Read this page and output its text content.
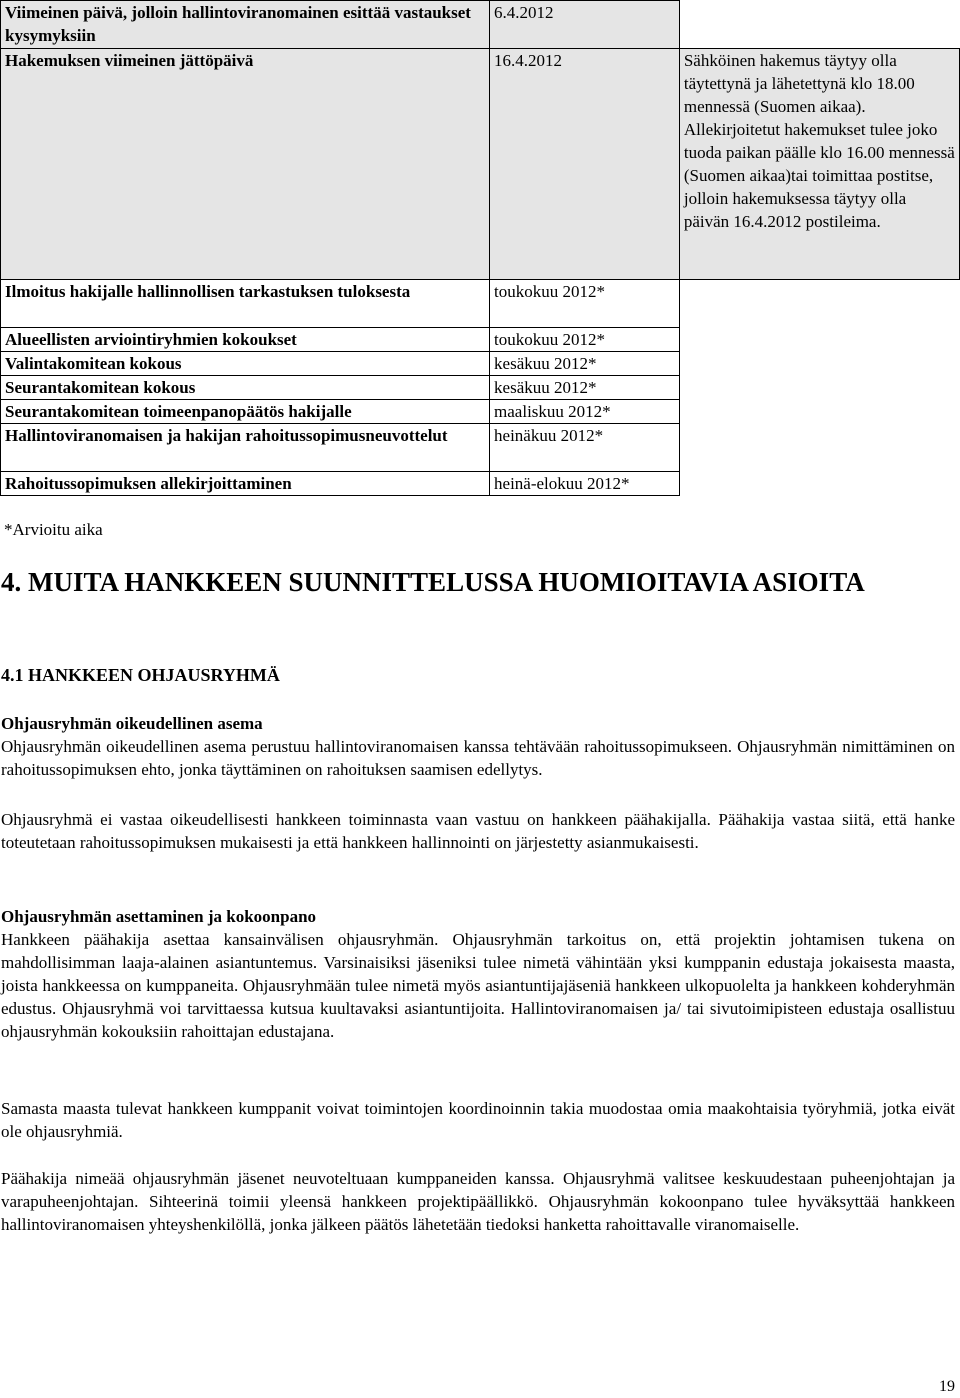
Viimeinen päivä, jolloin hallintoviranomainen esittää vastaukset kysymyksiin	6.4.2012	
Hakemuksen viimeinen jättöpäivä	16.4.2012	Sähköinen hakemus täytyy olla täytettynä ja lähetettynä klo 18.00 mennessä (Suomen aikaa). Allekirjoitetut hakemukset tulee joko tuoda paikan päälle klo 16.00 mennessä (Suomen aikaa)tai toimittaa postitse, jolloin hakemuksessa täytyy olla päivän 16.4.2012 postileima.
Ilmoitus hakijalle hallinnollisen tarkastuksen tuloksesta	toukokuu 2012*	
Alueellisten arviointiryhmien kokoukset	toukokuu 2012*	
Valintakomitean kokous	kesäkuu 2012*	
Seurantakomitean kokous	kesäkuu 2012*	
Seurantakomitean toimeenpanopäätös hakijalle	maaliskuu 2012*	
Hallintoviranomaisen ja hakijan rahoitussopimusneuvottelut	heinäkuu 2012*	
Rahoitussopimuksen allekirjoittaminen	heinä-elokuu 2012*	
*Arvioitu aika
4. MUITA HANKKEEN SUUNNITTELUSSA HUOMIOITAVIA ASIOITA
4.1 HANKKEEN OHJAUSRYHMÄ
Ohjausryhmän oikeudellinen asema
Ohjausryhmän oikeudellinen asema perustuu hallintoviranomaisen kanssa tehtävään rahoitussopimukseen. Ohjausryhmän nimittäminen on rahoitussopimuksen ehto, jonka täyttäminen on rahoituksen saamisen edellytys.
Ohjausryhmä ei vastaa oikeudellisesti hankkeen toiminnasta vaan vastuu on hankkeen päähakijalla. Päähakija vastaa siitä, että hanke toteutetaan rahoitussopimuksen mukaisesti ja että hankkeen hallinnointi on järjestetty asianmukaisesti.
Ohjausryhmän asettaminen ja kokoonpano
Hankkeen päähakija asettaa kansainvälisen ohjausryhmän. Ohjausryhmän tarkoitus on, että projektin johtamisen tukena on mahdollisimman laaja-alainen asiantuntemus. Varsinaisiksi jäseniksi tulee nimetä vähintään yksi kumppanin edustaja jokaisesta maasta, joista hankkeessa on kumppaneita. Ohjausryhmään tulee nimetä myös asiantuntijajäseniä hankkeen ulkopuolelta ja hankkeen kohderyhmän edustus. Ohjausryhmä voi tarvittaessa kutsua kuultavaksi asiantuntijoita. Hallintoviranomaisen ja/ tai sivutoimipisteen edustaja osallistuu ohjausryhmän kokouksiin rahoittajan edustajana.
Samasta maasta tulevat hankkeen kumppanit voivat toimintojen koordinoinnin takia muodostaa omia maakohtaisia työryhmiä, jotka eivät ole ohjausryhmiä.
Päähakija nimeää ohjausryhmän jäsenet neuvoteltuaan kumppaneiden kanssa. Ohjausryhmä valitsee keskuudestaan puheenjohtajan ja varapuheenjohtajan. Sihteerinä toimii yleensä hankkeen projektipäällikkö. Ohjausryhmän kokoonpano tulee hyväksyttää hankkeen hallintoviranomaisen yhteyshenkilöllä, jonka jälkeen päätös lähetetään tiedoksi hanketta rahoittavalle viranomaiselle.
19
